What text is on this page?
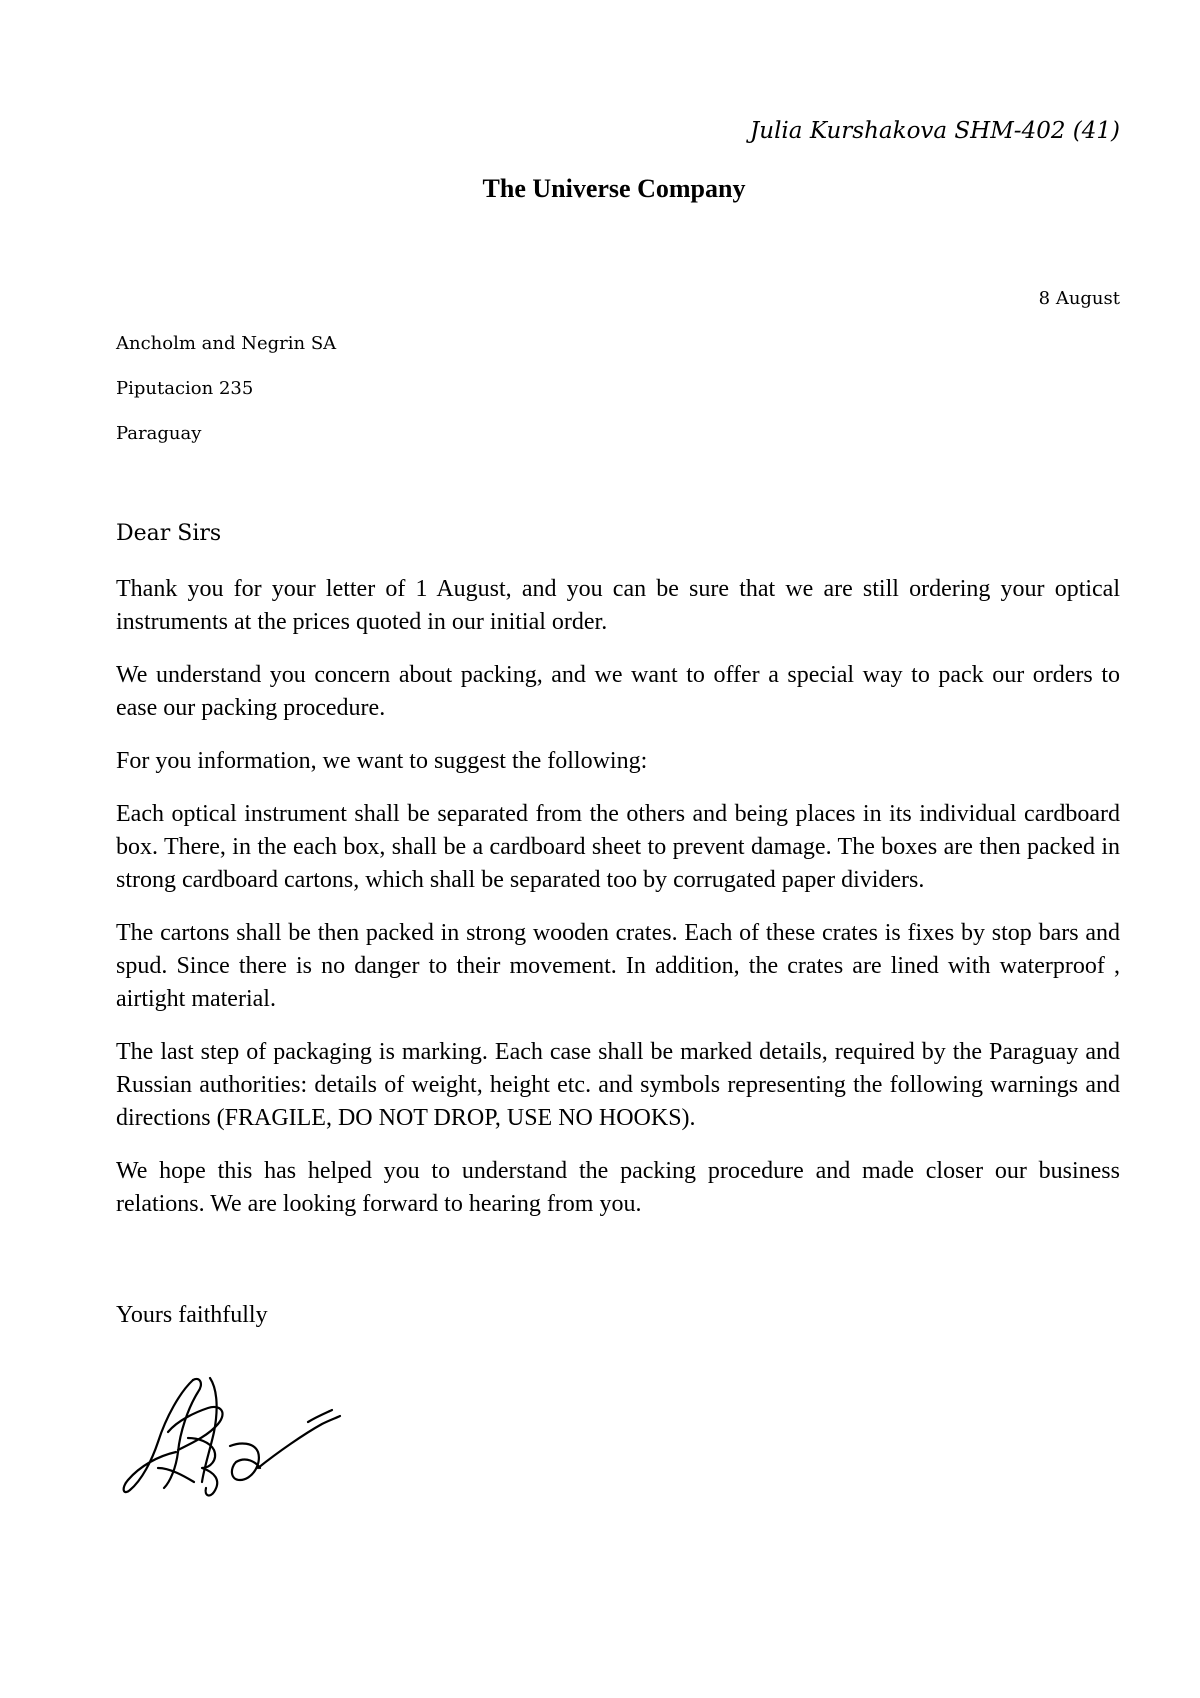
Julia Kurshakova SHM-402 (41)

The Universe Company

8 August

Ancholm and Negrin SA
Piputacion 235
Paraguay

Dear Sirs

Thank you for your letter of 1 August, and you can be sure that we are still ordering your optical instruments at the prices quoted in our initial order.

We understand you concern about packing, and we want to offer a special way to pack our orders to ease our packing procedure.

For you information, we want to suggest the following:

Each optical instrument shall be separated from the others and being places in its individual cardboard box. There, in the each box, shall be a cardboard sheet to prevent damage. The boxes are then packed in strong cardboard cartons, which shall be separated too by corrugated paper dividers.

The cartons shall be then packed in strong wooden crates. Each of these crates is fixes by stop bars and spud. Since there is no danger to their movement. In addition, the crates are lined with waterproof , airtight material.

The last step of packaging is marking. Each case shall be marked details, required by the Paraguay and Russian authorities: details of weight, height etc. and symbols representing the following warnings and directions (FRAGILE, DO NOT DROP, USE NO HOOKS).

We hope this has helped you to understand the packing procedure and made closer our business relations. We are looking forward to hearing from you.

Yours faithfully
